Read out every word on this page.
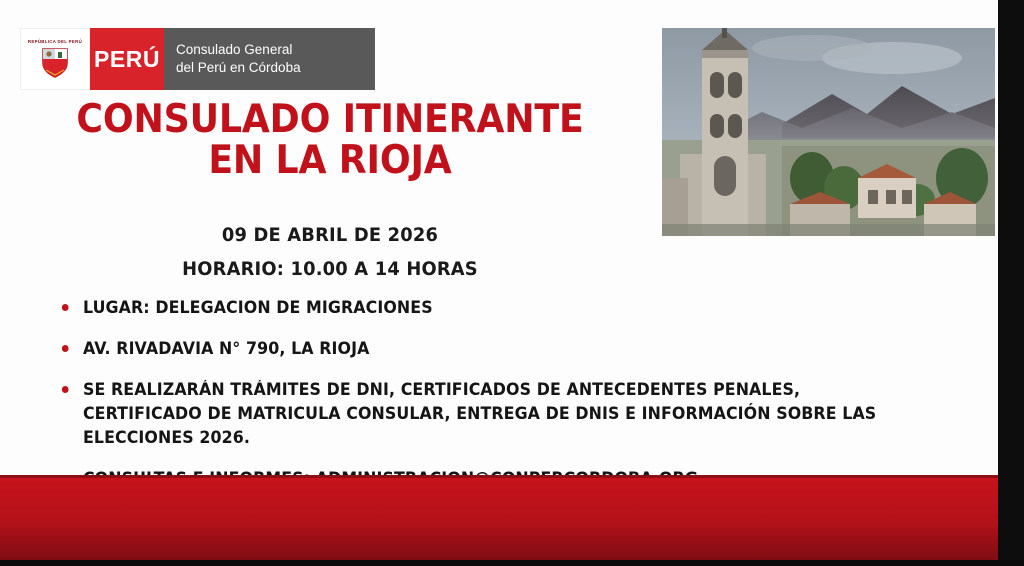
REPÚBLICA DEL PERÚ
PERÚ Consulado General
del Perú en Córdoba
CONSULADO ITINERANTE EN LA RIOJA
09 DE ABRIL DE 2026
HORARIO: 10.00 A 14 HORAS
LUGAR: DELEGACION DE MIGRACIONES
AV. RIVADAVIA N° 790, LA RIOJA
SE REALIZARÁN TRÁMITES DE DNI, CERTIFICADOS DE ANTECEDENTES PENALES, CERTIFICADO DE MATRICULA CONSULAR, ENTREGA DE DNIS E INFORMACIÓN SOBRE LAS ELECCIONES 2026.
